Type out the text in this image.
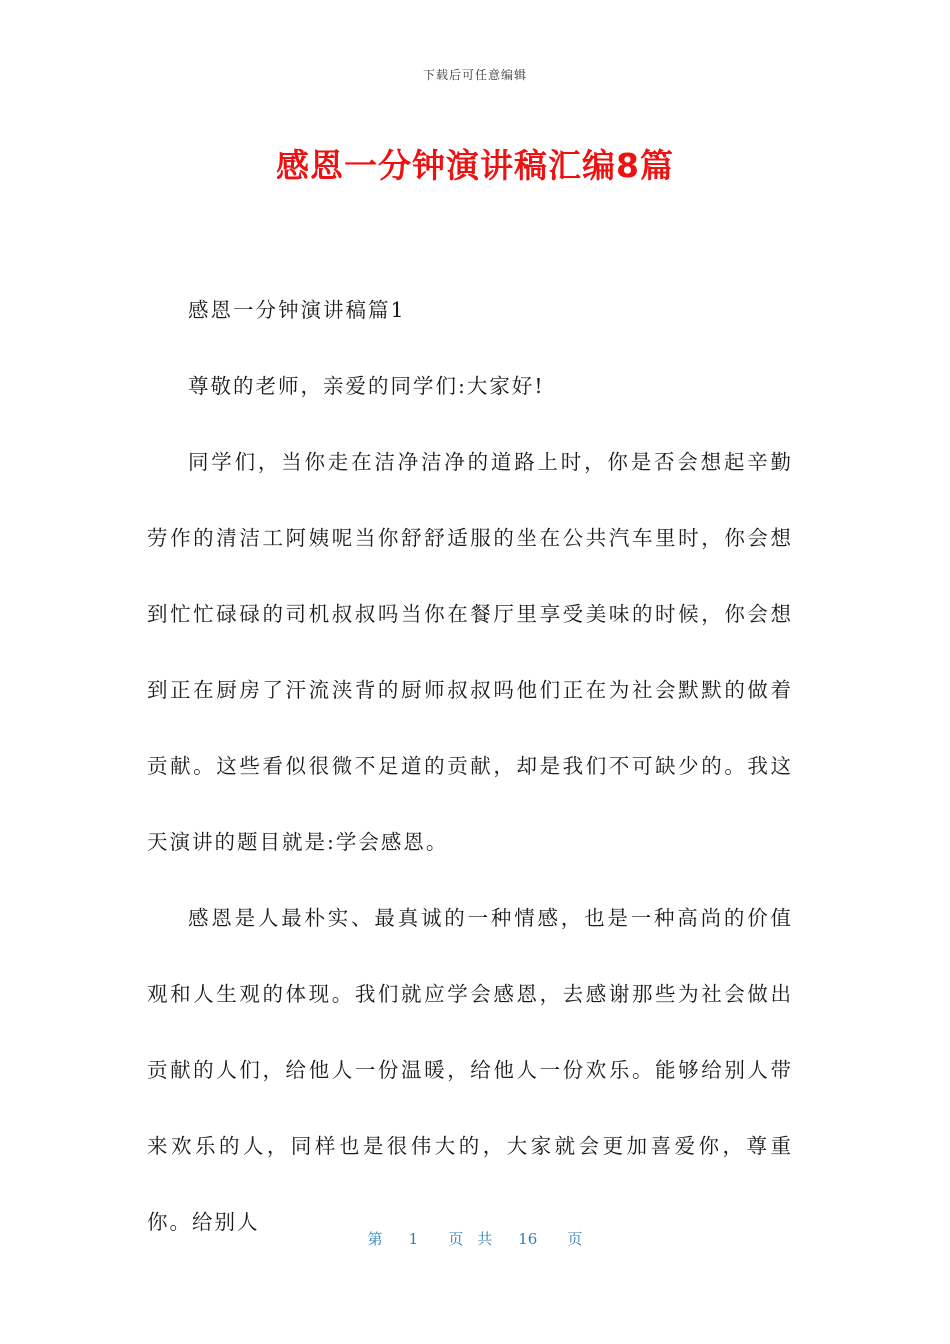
下载后可任意编辑
感恩一分钟演讲稿汇编8篇

感恩一分钟演讲稿篇1

尊敬的老师，亲爱的同学们:大家好!

同学们，当你走在洁净洁净的道路上时，你是否会想起辛勤劳作的清洁工阿姨呢当你舒舒适服的坐在公共汽车里时，你会想到忙忙碌碌的司机叔叔吗当你在餐厅里享受美味的时候，你会想到正在厨房了汗流浃背的厨师叔叔吗他们正在为社会默默的做着贡献。这些看似很微不足道的贡献，却是我们不可缺少的。我这天演讲的题目就是:学会感恩。

感恩是人最朴实、最真诚的一种情感，也是一种高尚的价值观和人生观的体现。我们就应学会感恩，去感谢那些为社会做出贡献的人们，给他人一份温暖，给他人一份欢乐。能够给别人带来欢乐的人，同样也是很伟大的，大家就会更加喜爱你，尊重你。给别人

第 1 页 共 16 页
